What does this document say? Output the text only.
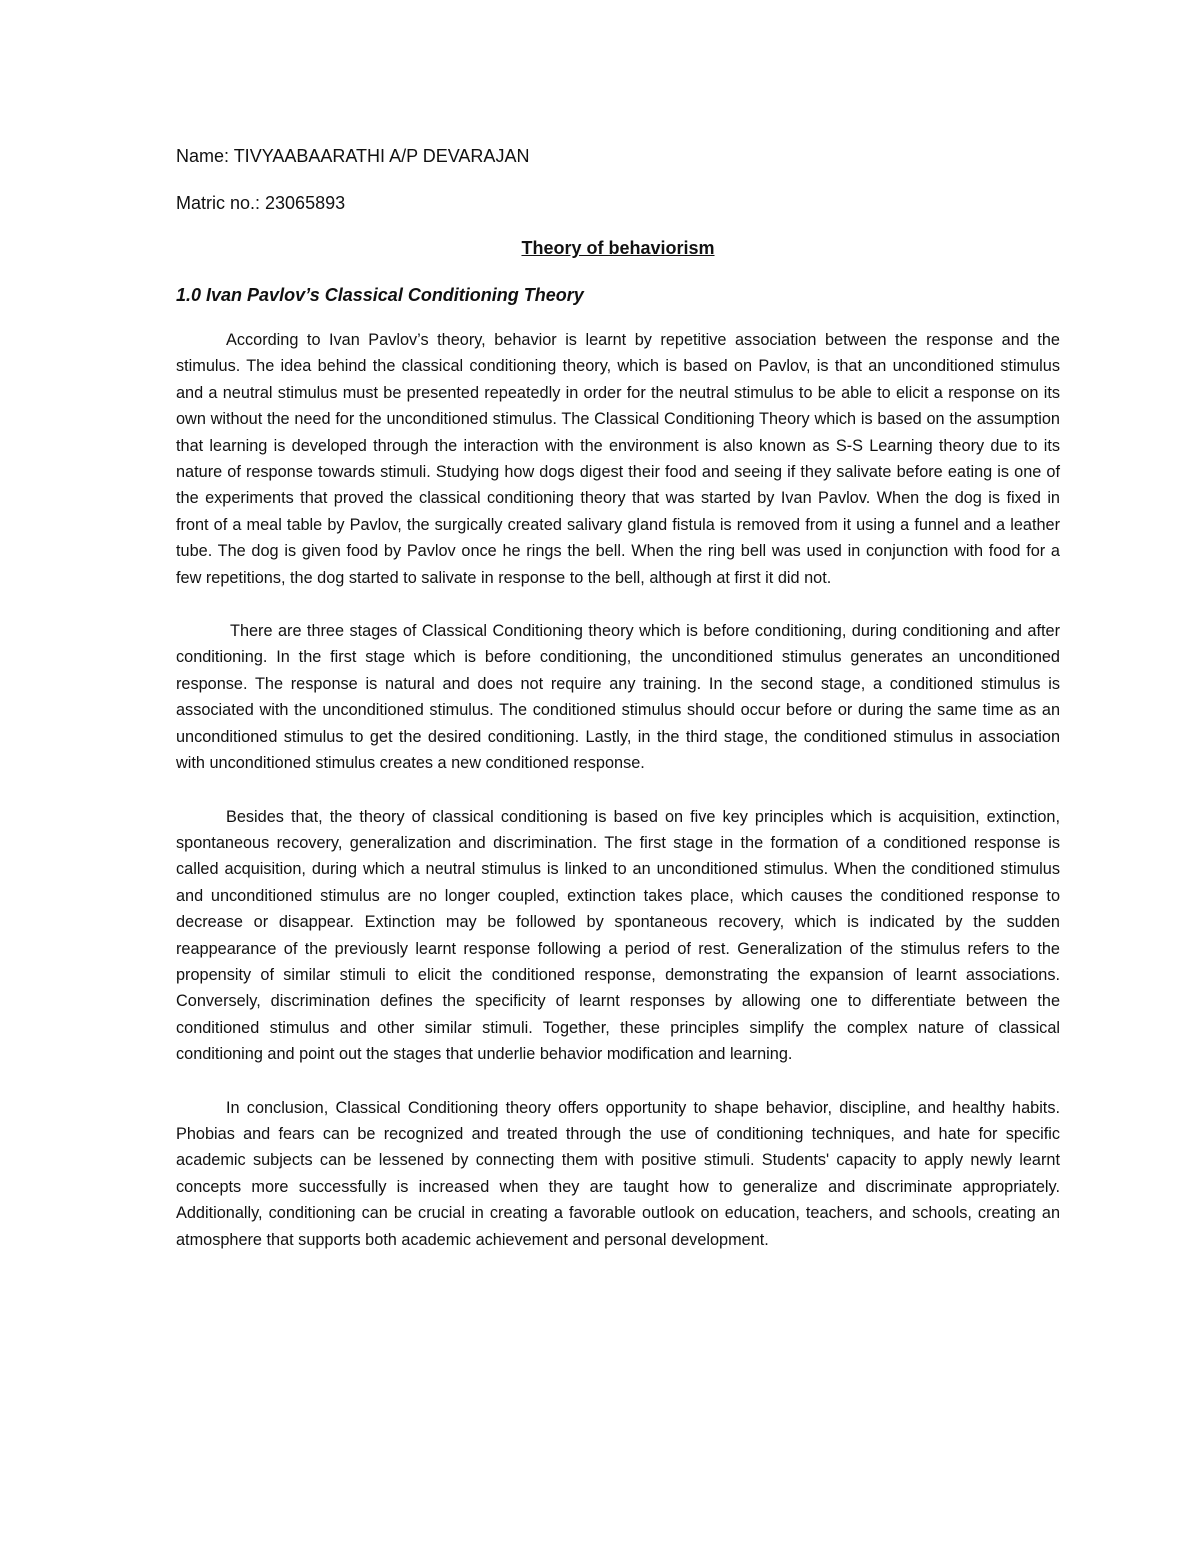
Name: TIVYAABAARATHI A/P DEVARAJAN

Matric no.: 23065893

Theory of behaviorism
1.0 Ivan Pavlov’s Classical Conditioning Theory

According to Ivan Pavlov’s theory, behavior is learnt by repetitive association between the response and the stimulus. The idea behind the classical conditioning theory, which is based on Pavlov, is that an unconditioned stimulus and a neutral stimulus must be presented repeatedly in order for the neutral stimulus to be able to elicit a response on its own without the need for the unconditioned stimulus. The Classical Conditioning Theory which is based on the assumption that learning is developed through the interaction with the environment is also known as S-S Learning theory due to its nature of response towards stimuli. Studying how dogs digest their food and seeing if they salivate before eating is one of the experiments that proved the classical conditioning theory that was started by Ivan Pavlov. When the dog is fixed in front of a meal table by Pavlov, the surgically created salivary gland fistula is removed from it using a funnel and a leather tube. The dog is given food by Pavlov once he rings the bell. When the ring bell was used in conjunction with food for a few repetitions, the dog started to salivate in response to the bell, although at first it did not.

There are three stages of Classical Conditioning theory which is before conditioning, during conditioning and after conditioning. In the first stage which is before conditioning, the unconditioned stimulus generates an unconditioned response. The response is natural and does not require any training. In the second stage, a conditioned stimulus is associated with the unconditioned stimulus. The conditioned stimulus should occur before or during the same time as an unconditioned stimulus to get the desired conditioning. Lastly, in the third stage, the conditioned stimulus in association with unconditioned stimulus creates a new conditioned response.

Besides that, the theory of classical conditioning is based on five key principles which is acquisition, extinction, spontaneous recovery, generalization and discrimination. The first stage in the formation of a conditioned response is called acquisition, during which a neutral stimulus is linked to an unconditioned stimulus. When the conditioned stimulus and unconditioned stimulus are no longer coupled, extinction takes place, which causes the conditioned response to decrease or disappear. Extinction may be followed by spontaneous recovery, which is indicated by the sudden reappearance of the previously learnt response following a period of rest. Generalization of the stimulus refers to the propensity of similar stimuli to elicit the conditioned response, demonstrating the expansion of learnt associations. Conversely, discrimination defines the specificity of learnt responses by allowing one to differentiate between the conditioned stimulus and other similar stimuli. Together, these principles simplify the complex nature of classical conditioning and point out the stages that underlie behavior modification and learning.

In conclusion, Classical Conditioning theory offers opportunity to shape behavior, discipline, and healthy habits. Phobias and fears can be recognized and treated through the use of conditioning techniques, and hate for specific academic subjects can be lessened by connecting them with positive stimuli. Students' capacity to apply newly learnt concepts more successfully is increased when they are taught how to generalize and discriminate appropriately. Additionally, conditioning can be crucial in creating a favorable outlook on education, teachers, and schools, creating an atmosphere that supports both academic achievement and personal development.
